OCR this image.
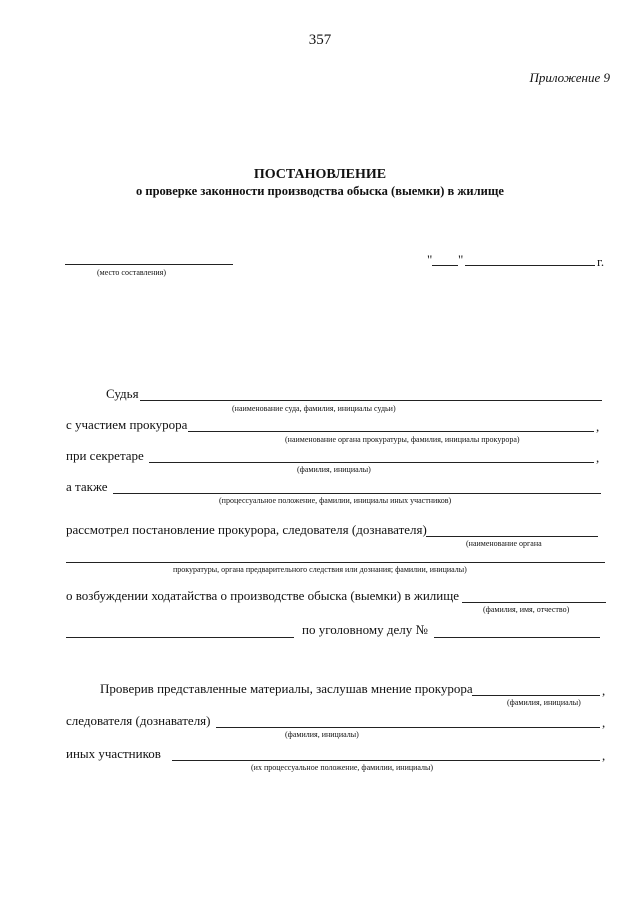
357
Приложение 9
ПОСТАНОВЛЕНИЕ
о проверке законности производства обыска (выемки) в жилище
(место составления)
" "	г.
Судья
(наименование суда, фамилия, инициалы судьи)
с участием прокурора	,
(наименование органа прокуратуры, фамилия, инициалы прокурора)
при секретаре	,
(фамилия, инициалы)
а также
(процессуальное положение, фамилии, инициалы иных участников)
рассмотрел постановление прокурора, следователя (дознавателя)
(наименование органа
прокуратуры, органа предварительного следствия или дознания; фамилии, инициалы)
о возбуждении ходатайства о производстве обыска (выемки) в жилище
(фамилия, имя, отчество)
по уголовному делу №
Проверив представленные материалы, заслушав мнение прокурора	,
(фамилия, инициалы)
следователя (дознавателя)	,
(фамилия, инициалы)
иных участников	,
(их процессуальное положение, фамилии, инициалы)
